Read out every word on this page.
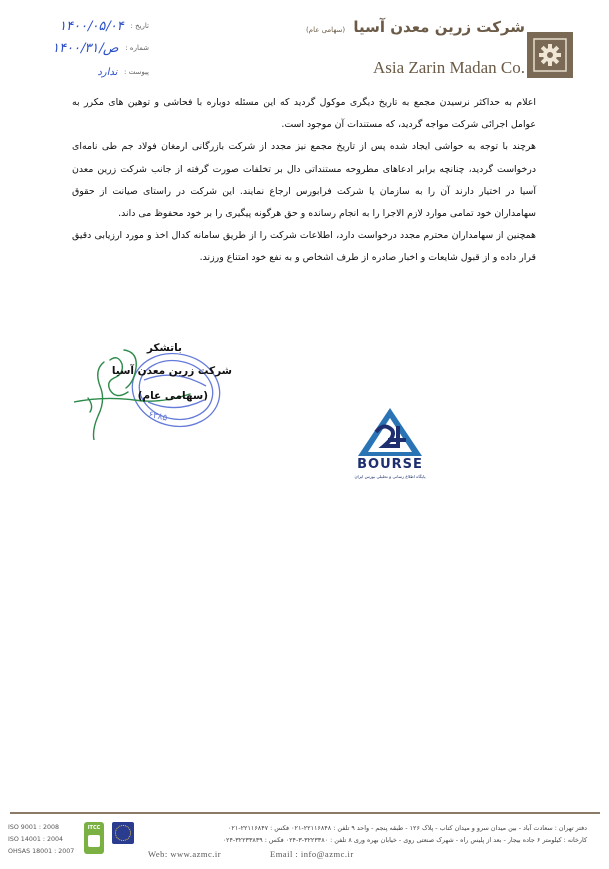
شرکت زرین معدن آسیا (سهامی عام)
Asia Zarin Madan Co.
تاریخ :
۱۴۰۰/۰۵/۰۴
شماره :
۱۴۰۰/ص/۳۱
پیوست :
ندارد

اعلام به حداکثر نرسیدن مجمع به تاریخ دیگری موکول گردید که این مسئله دوباره با فحاشی و توهین های مکرر به عوامل اجرائی شرکت مواجه گردید، که مستندات آن موجود است.

هرچند با توجه به حواشی ایجاد شده پس از تاریخ مجمع نیز مجدد از شرکت بازرگانی ارمغان فولاد جم طی نامه‌ای درخواست گردید، چنانچه برابر ادعاهای مطروحه مستنداتی دال بر تخلفات صورت گرفته از جانب شرکت زرین معدن آسیا در اختیار دارند آن را به سازمان یا شرکت فرابورس ارجاع نمایند. این شرکت در راستای صیانت از حقوق سهامداران خود تمامی موارد لازم الاجرا را به انجام رسانده و حق هرگونه پیگیری را بر خود محفوظ می داند.

همچنین از سهامداران محترم مجدد درخواست دارد، اطلاعات شرکت را از طریق سامانه کدال اخذ و مورد ارزیابی دقیق قرار داده و از قبول شایعات و اخبار صادره از طرف اشخاص و به نفع خود امتناع ورزند.

۶۳۸۵
باتشکر
شرکت زرین معدن آسیا
(سهامی عام)
BOURSE
پایگاه اطلاع رسانی و تحلیلی بورس ایران
ISO 9001 : 2008
ISO 14001 : 2004
OHSAS 18001 : 2007
ITCC	دفتر تهران : سعادت آباد - بین میدان سرو و میدان کتاب - پلاک ۱۲۶ - طبقه پنجم - واحد ۹ تلفن : ۲۲۱۱۶۸۴۸-۰۲۱ فکس : ۲۲۱۱۶۸۴۷-۰۲۱
کارخانه : کیلومتر ۶ جاده بیجار - بعد از پلیس راه - شهرک صنعتی روی - خیابان بهره وری ۸ تلفن : ۳۲۲۳۳۸۰-۳-۰۲۴ فکس : ۳۲۲۳۳۸۳۹-۰۲۴
Web: www.azmc.ir	Email : info@azmc.ir
